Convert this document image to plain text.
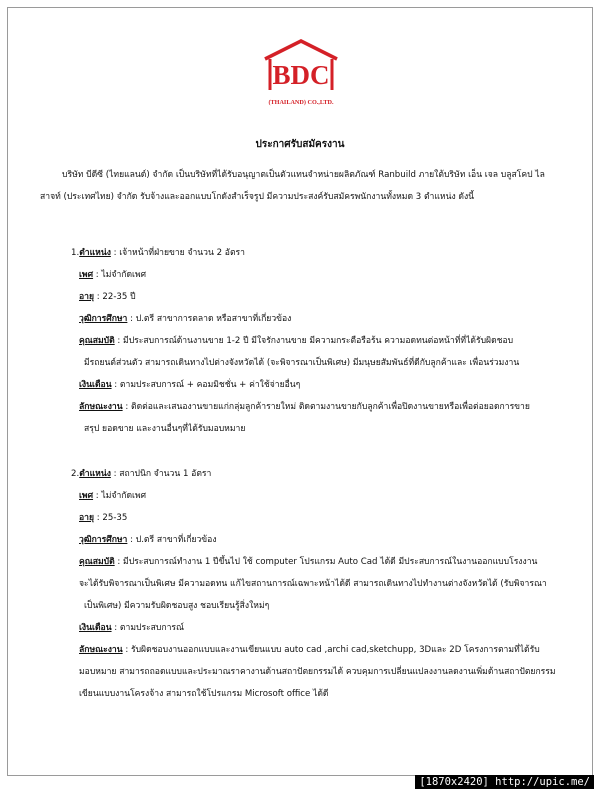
BDC
(THAILAND) CO.,LTD.
ประกาศรับสมัครงาน
บริษัท บีดีซี (ไทยแลนด์) จำกัด เป็นบริษัทที่ได้รับอนุญาตเป็นตัวแทนจำหน่ายผลิตภัณฑ์ Ranbuild ภายใต้บริษัท เอ็น เจล บลูสโคป ไล
สาจท์ (ประเทศไทย) จำกัด รับจ้างและออกแบบโกดังสำเร็จรูป มีความประสงค์รับสมัครพนักงานทั้งหมด 3 ตำแหน่ง ดังนี้
1.ตำแหน่ง : เจ้าหน้าที่ฝ่ายขาย จำนวน 2 อัตรา
เพศ : ไม่จำกัดเพศ
อายุ : 22-35 ปี
วุฒิการศึกษา : ป.ตรี สาขาการตลาด หรือสาขาที่เกี่ยวข้อง
คุณสมบัติ : มีประสบการณ์ด้านงานขาย 1-2 ปี มีใจรักงานขาย มีความกระตือรือร้น ความอดทนต่อหน้าที่ที่ได้รับผิดชอบ
มีรถยนต์ส่วนตัว สามารถเดินทางไปต่างจังหวัดได้ (จะพิจารณาเป็นพิเศษ) มีมนุษยสัมพันธ์ที่ดีกับลูกค้าและ เพื่อนร่วมงาน
เงินเดือน : ตามประสบการณ์ + คอมมิชชั่น + ค่าใช้จ่ายอื่นๆ
ลักษณะงาน : ติดต่อและเสนองานขายแก่กลุ่มลูกค้ารายใหม่ ติดตามงานขายกับลูกค้าเพื่อปิดงานขายหรือเพื่อต่อยอดการขาย
สรุป ยอดขาย และงานอื่นๆที่ได้รับมอบหมาย
2.ตำแหน่ง : สถาปนิก จำนวน 1 อัตรา
เพศ : ไม่จำกัดเพศ
อายุ : 25-35
วุฒิการศึกษา : ป.ตรี สาขาที่เกี่ยวข้อง
คุณสมบัติ : มีประสบการณ์ทำงาน 1 ปีขึ้นไป ใช้ computer โปรแกรม Auto Cad ได้ดี มีประสบการณ์ในงานออกแบบโรงงาน
จะได้รับพิจารณาเป็นพิเศษ มีความอดทน แก้ไขสถานการณ์เฉพาะหน้าได้ดี สามารถเดินทางไปทำงานต่างจังหวัดได้ (รับพิจารณา
เป็นพิเศษ) มีความรับผิดชอบสูง ชอบเรียนรู้สิ่งใหม่ๆ
เงินเดือน : ตามประสบการณ์
ลักษณะงาน : รับผิดชอบงานออกแบบและงานเขียนแบบ auto cad ,archi cad,sketchupp, 3Dและ 2D โครงการตามที่ได้รับ
มอบหมาย สามารถถอดแบบและประมาณราคางานด้านสถาปัตยกรรมได้ ควบคุมการเปลี่ยนแปลงงานลดงานเพิ่มด้านสถาปัตยกรรม
เขียนแบบงานโครงจ้าง สามารถใช้โปรแกรม Microsoft office ได้ดี
[1870x2420] http://upic.me/
